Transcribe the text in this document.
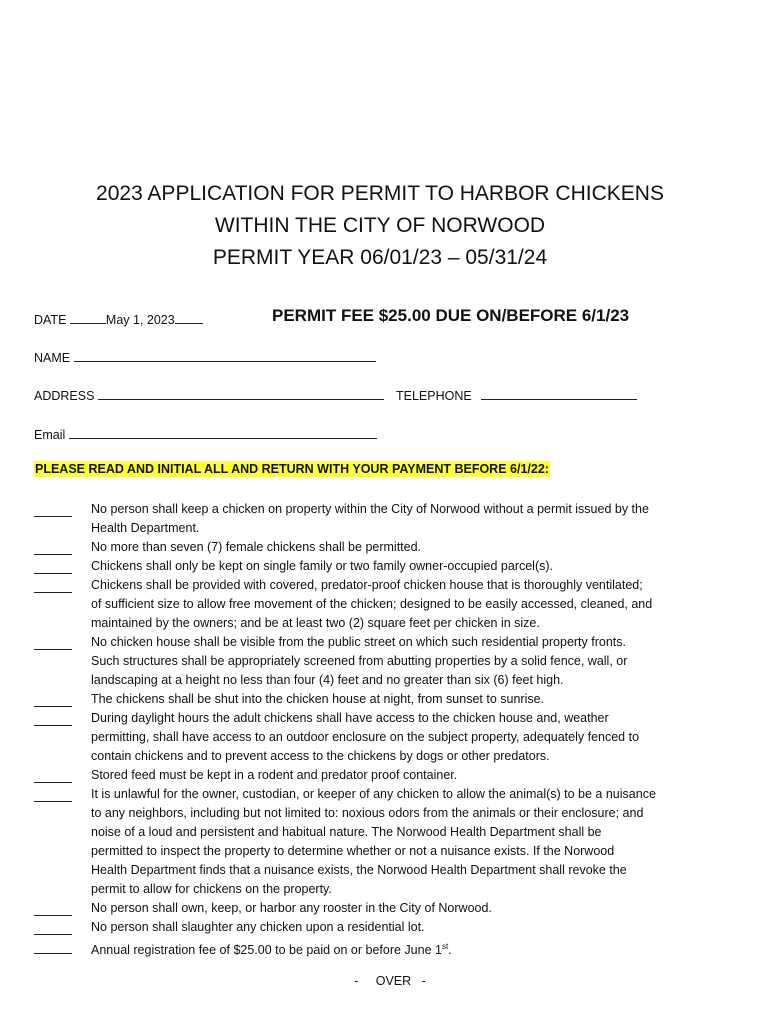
2023 APPLICATION FOR PERMIT TO HARBOR CHICKENS
WITHIN THE CITY OF NORWOOD
PERMIT YEAR 06/01/23 – 05/31/24
DATE	May 1, 2023	PERMIT FEE $25.00 DUE ON/BEFORE 6/1/23
NAME
ADDRESS	TELEPHONE
Email
PLEASE READ AND INITIAL ALL AND RETURN WITH YOUR PAYMENT BEFORE 6/1/22:
No person shall keep a chicken on property within the City of Norwood without a permit issued by the
Health Department.
No more than seven (7) female chickens shall be permitted.
Chickens shall only be kept on single family or two family owner-occupied parcel(s).
Chickens shall be provided with covered, predator-proof chicken house that is thoroughly ventilated;
of sufficient size to allow free movement of the chicken; designed to be easily accessed, cleaned, and
maintained by the owners; and be at least two (2) square feet per chicken in size.
No chicken house shall be visible from the public street on which such residential property fronts.
Such structures shall be appropriately screened from abutting properties by a solid fence, wall, or
landscaping at a height no less than four (4) feet and no greater than six (6) feet high.
The chickens shall be shut into the chicken house at night, from sunset to sunrise.
During daylight hours the adult chickens shall have access to the chicken house and, weather
permitting, shall have access to an outdoor enclosure on the subject property, adequately fenced to
contain chickens and to prevent access to the chickens by dogs or other predators.
Stored feed must be kept in a rodent and predator proof container.
It is unlawful for the owner, custodian, or keeper of any chicken to allow the animal(s) to be a nuisance
to any neighbors, including but not limited to: noxious odors from the animals or their enclosure; and
noise of a loud and persistent and habitual nature. The Norwood Health Department shall be
permitted to inspect the property to determine whether or not a nuisance exists. If the Norwood
Health Department finds that a nuisance exists, the Norwood Health Department shall revoke the
permit to allow for chickens on the property.
No person shall own, keep, or harbor any rooster in the City of Norwood.
No person shall slaughter any chicken upon a residential lot.
Annual registration fee of $25.00 to be paid on or before June 1st.
-     OVER   -
